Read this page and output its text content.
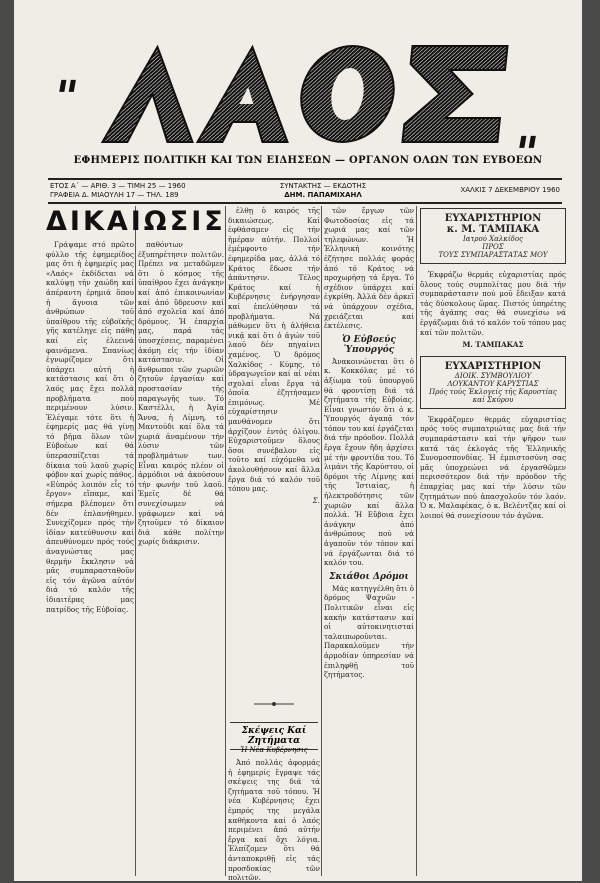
"
"
ΕΦΗΜΕΡΙΣ ΠΟΛΙΤΙΚΗ ΚΑΙ ΤΩΝ ΕΙΔΗΣΕΩΝ — ΟΡΓΑΝΟΝ ΟΛΩΝ ΤΩΝ ΕΥΒΟΕΩΝ
ΕΤΟΣ Α΄ — ΑΡΙΘ. 3 — ΤΙΜΗ 25 — 1960
ΓΡΑΦΕΙΑ Δ. ΜΙΑΟΥΛΗ 17 — ΤΗΛ. 189
ΣΥΝΤΑΚΤΗΣ — ΕΚΔΟΤΗΣ
ΔΗΜ. ΠΑΠΑΜΙΧΑΗΛ
ΧΑΛΚΙΣ 7 ΔΕΚΕΜΒΡΙΟΥ 1960
ΔΙΚΑΙΩΣΙΣ

Γράψαμε στό πρῶτο φύλλο τῆς ἐφημερίδος μας ὅτι ἡ ἐφημερίς μας «Λαός» ἐκδίδεται νά καλύψῃ τήν χαώδη καί ἀπέραντη ἐρημιά ὅπου ἡ ἄγνοια τῶν ἀνθρώπων τοῦ ὑπαίθρου τῆς εὐβοϊκῆς γῆς κατέληγε εἰς πάθη καί εἰς ἐλεεινά φαινόμενα. Σπανίως ἐγνωρίζομεν ὅτι ὑπάρχει αὐτή ἡ κατάστασις καί ὅτι ὁ λαός μας ἔχει πολλά προβλήματα πού περιμένουν λύσιν. Ἐλέγαμε τότε ὅτι ἡ ἐφημερίς μας θά γίνῃ τό βῆμα ὅλων τῶν Εὐβοέων καί θά ὑπερασπίζεται τά δίκαια τοῦ λαοῦ χωρίς φόβον καί χωρίς πάθος. «Εὐπρός λοιπόν εἶς τό ἔργον» εἴπαμε, καί σήμερα βλέπομεν ὅτι δέν ἐπλανήθημεν. Συνεχίζομεν πρός τήν ἰδίαν κατεύθυνσιν καί ἀπευθύνομεν πρός τούς ἀναγνώστας μας θερμήν ἔκκλησιν νά μᾶς συμπαρασταθοῦν εἰς τόν ἀγῶνα αὐτόν διά τό καλόν τῆς ἰδιαιτέρας μας πατρίδος τῆς Εὐβοίας.

παθόντων ἐξυπηρέτησιν πολιτῶν. Πρέπει να μεταδῶμεν ὅτι ὁ κόσμος τῆς ὑπαίθρου ἔχει ἀνάγκην καί ἀπό ἐπικοινωνίαν καί ἀπό ὕδρευσιν καί ἀπό σχολεῖα καί ἀπό δρόμους. Ἡ ἐπαρχία μας, παρά τάς ὑποσχέσεις, παραμένει ἀκόμη εἰς τήν ἰδίαν κατάστασιν. Οἱ ἄνθρωποι τῶν χωριῶν ζητοῦν ἐργασίαν καί προστασίαν τῆς παραγωγῆς των. Τό Καστέλλι, ἡ Ἀγία Ἄννα, ἡ Λίμνη, τό Μαντούδι καί ὅλα τά χωριά ἀναμένουν τήν λύσιν τῶν προβλημάτων των. Εἶναι καιρός πλέον οἱ ἁρμόδιοι νά ἀκούσουν τήν φωνήν τοῦ λαοῦ. Ἐμεῖς δέ θά συνεχίσωμεν νά γράφωμεν καί νά ζητοῦμεν τό δίκαιον διά κάθε πολίτην χωρίς διάκρισιν.

ἐλθῃ ὁ καιρός τῆς δικαιώσεως. Καί ἐφθάσαμεν εἰς τήν ἡμέραν αὐτήν. Πολλοί ἐμέμφοντο τήν ἐφημερίδα μας, ἀλλά τό Κράτος ἔδωσε τήν ἀπάντησιν. Τέλος Κράτος καί ἡ Κυβέρνησις ἐνήργησαν καί ἐπελύθησαν τά προβλήματα. Νά μάθωμεν ὅτι ἡ ἀλήθεια νικᾷ καί ὅτι ὁ ἀγών τοῦ λαοῦ δέν πηγαίνει χαμένος. Ὁ δρόμος Χαλκίδος - Κύμης, τό ὑδραγωγεῖον καί αἱ νέαι σχολαί εἶναι ἔργα τά ὁποῖα ἐζητήσαμεν ἐπιμόνως. Μέ εὐχαρίστησιν μανθάνομεν ὅτι ἀρχίζουν ἐντός ὀλίγου. Εὐχαριστοῦμεν ὅλους ὅσοι συνέβαλον εἰς τοῦτο καί εὐχόμεθα νά ἀκολουθήσουν καί ἄλλα ἔργα διά τό καλόν τοῦ τόπου μας.

Σ.
Σκέψεις Καί Ζητήματα
Ἡ Νέα Κυβέρνησις

Ἀπό πολλάς ἀφορμάς ἡ ἐφημερίς ἔγραψε τάς σκέψεις της διά τά ζητήματα τοῦ τόπου. Ἡ νέα Κυβέρνησις ἔχει ἐμπρός της μεγάλα καθήκοντα καί ὁ λαός περιμένει ἀπό αὐτήν ἔργα καί ὄχι λόγια. Ἐλπίζομεν ὅτι θά ἀνταποκριθῇ εἰς τάς προσδοκίας τῶν πολιτῶν.

τῶν ἔργων τῶν Φωτοδοσίας εἰς τά χωριά μας καί τῶν τηλεφώνων. Ἡ Ἑλληνική κοινότης ἐζήτησε πολλάς φοράς ἀπό τό Κράτος νά προχωρήσῃ τά ἔργα. Τό σχέδιον ὑπάρχει καί ἐγκρίθη. Ἀλλά δέν ἀρκεῖ νά ὑπάρχουν σχέδια, χρειάζεται καί ἐκτέλεσις.

Ὁ Εὐβοεύς Ὑπουργός

Ἀνακοινώνεται ὅτι ὁ κ. Κοκκόλας μέ τό ἀξίωμα τοῦ ὑπουργοῦ θά φροντίσῃ διά τά ζητήματα τῆς Εὐβοίας. Εἶναι γνωστόν ὅτι ὁ κ. Ὑπουργός ἀγαπᾷ τόν τόπον του καί ἐργάζεται διά τήν πρόοδον. Πολλά ἔργα ἔχουν ἤδη ἀρχίσει μέ τήν φροντίδα του. Τό λιμάνι τῆς Καρύστου, οἱ δρόμοι τῆς Λίμνης καί τῆς Ἱστιαίας, ἡ ἠλεκτροδότησις τῶν χωριῶν καί ἄλλα πολλά. Ἡ Εὔβοια ἔχει ἀνάγκην ἀπό ἀνθρώπους πού νά ἀγαποῦν τόν τόπον καί νά ἐργάζωνται διά τό καλόν του.

Σκιάθοι Δρόμοι

Μάς κατηγγέλθη ὅτι ὁ δρόμος Ψαχνῶν - Πολιτικῶν εἶναι εἰς κακήν κατάστασιν καί οἱ αὐτοκινητισταί ταλαιπωροῦνται. Παρακαλοῦμεν τήν ἁρμοδίαν ὑπηρεσίαν νά ἐπιληφθῇ τοῦ ζητήματος.

ΕΥΧΑΡΙΣΤΗΡΙΟΝ
κ. Μ. ΤΑΜΠΑΚΑ
Ιατρού Χαλκίδος
ΠΡΟΣ
ΤΟΥΣ ΣΥΜΠΑΡΑΣΤΑΤΑΣ ΜΟΥ

Ἐκφράζω θερμάς εὐχαριστίας πρός ὅλους τούς συμπολίτας μου διά τήν συμπαράστασιν πού μοῦ ἔδειξαν κατά τάς δύσκολους ὥρας. Πιστός ὑπηρέτης τῆς ἀγάπης σας θά συνεχίσω νά ἐργάζωμαι διά τό καλόν τοῦ τόπου μας καί τῶν πολιτῶν.

Μ. ΤΑΜΠΑΚΑΣ
ΕΥΧΑΡΙΣΤΗΡΙΟΝ
ΔΙΟΙΚ. ΣΥΜΒΟΥΛΙΟΥ
ΛΟΥΚΑΝΤΟΥ ΚΑΡΥΣΤΙΑΣ
Πρός τούς Ἐκλογείς τῆς Καρυστίας καί Σκύρου

Ἐκφράζομεν θερμάς εὐχαριστίας πρός τούς συμπατριώτας μας διά τήν συμπαράστασιν καί τήν ψῆφον των κατά τάς ἐκλογάς τῆς Ἑλληνικῆς Συνομοσπονδίας. Ἡ ἐμπιστοσύνη σας μᾶς ὑποχρεώνει νά ἐργασθῶμεν περισσότερον διά τήν πρόοδον τῆς ἐπαρχίας μας καί τήν λύσιν τῶν ζητημάτων πού ἀπασχολοῦν τόν λαόν. Ὁ κ. Μαλαφέκας, ὁ κ. Βελέντζας καί οἱ λοιποί θά συνεχίσουν τόν ἀγῶνα.
